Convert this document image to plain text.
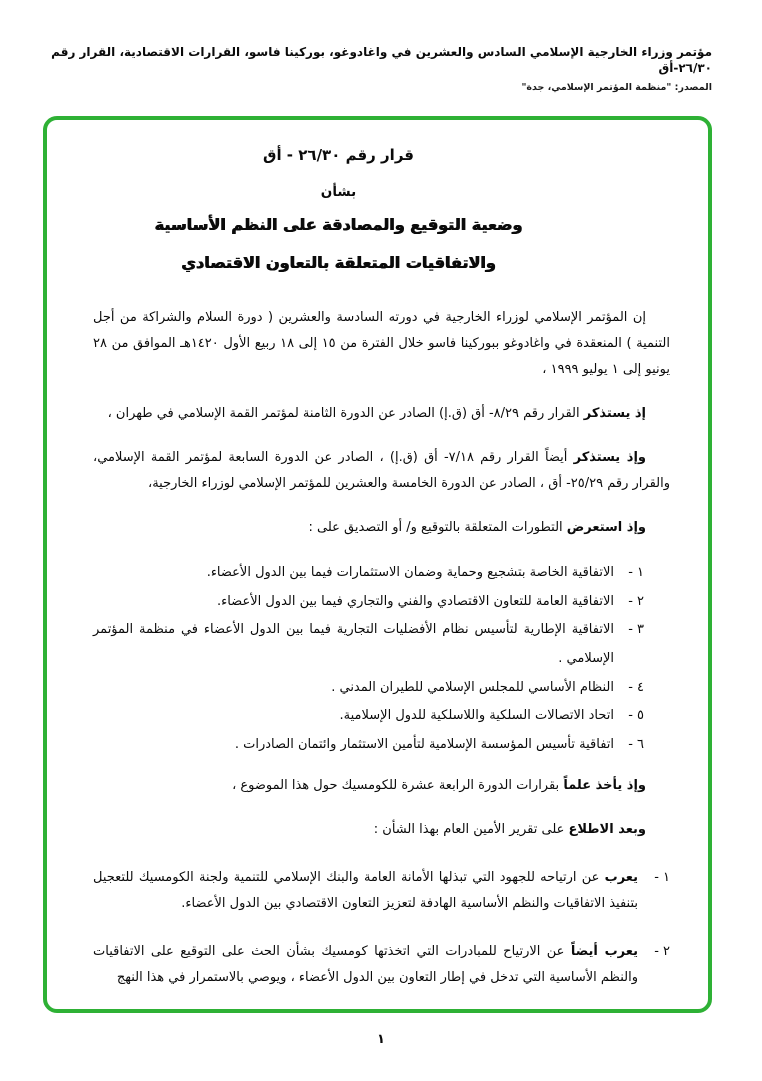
مؤتمر وزراء الخارجية الإسلامي السادس والعشرين في واغادوغو، بوركينا فاسو، القرارات الاقتصادية، القرار رقم ٢٦/٣٠-أق
المصدر: "منظمة المؤتمر الإسلامي، جدة"
قرار رقم ٢٦/٣٠ - أق
بشأن
وضعية التوقيع والمصادقة على النظم الأساسية
والاتفاقيات المتعلقة بالتعاون الاقتصادي

إن المؤتمر الإسلامي لوزراء الخارجية في دورته السادسة والعشرين ( دورة السلام والشراكة من أجل التنمية ) المنعقدة في واغادوغو ببوركينا فاسو خلال الفترة من ١٥ إلى ١٨ ربيع الأول ١٤٢٠هـ الموافق من ٢٨ يونيو إلى ١ يوليو ١٩٩٩ ،

إذ يستذكر القرار رقم ٨/٢٩- أق (ق.إ) الصادر عن الدورة الثامنة لمؤتمر القمة الإسلامي في طهران ،

وإذ يستذكر أيضاً القرار رقم ٧/١٨- أق (ق.إ) ، الصادر عن الدورة السابعة لمؤتمر القمة الإسلامي، والقرار رقم ٢٥/٢٩- أق ، الصادر عن الدورة الخامسة والعشرين للمؤتمر الإسلامي لوزراء الخارجية،

وإذ استعرض التطورات المتعلقة بالتوقيع و/ أو التصديق على :

١ -
الاتفاقية الخاصة بتشجيع وحماية وضمان الاستثمارات فيما بين الدول الأعضاء.
٢ -
الاتفاقية العامة للتعاون الاقتصادي والفني والتجاري فيما بين الدول الأعضاء.
٣ -
الاتفاقية الإطارية لتأسيس نظام الأفضليات التجارية فيما بين الدول الأعضاء في منظمة المؤتمر الإسلامي .
٤ -
النظام الأساسي للمجلس الإسلامي للطيران المدني .
٥ -
اتحاد الاتصالات السلكية واللاسلكية للدول الإسلامية.
٦ -
اتفاقية تأسيس المؤسسة الإسلامية لتأمين الاستثمار وائتمان الصادرات .

وإذ يأخذ علماً بقرارات الدورة الرابعة عشرة للكومسيك حول هذا الموضوع ،

وبعد الاطلاع على تقرير الأمين العام بهذا الشأن :

١ -
يعرب عن ارتياحه للجهود التي تبذلها الأمانة العامة والبنك الإسلامي للتنمية ولجنة الكومسيك للتعجيل بتنفيذ الاتفاقيات والنظم الأساسية الهادفة لتعزيز التعاون الاقتصادي بين الدول الأعضاء.
٢ -
يعرب أيضاً عن الارتياح للمبادرات التي اتخذتها كومسيك بشأن الحث على التوقيع على الاتفاقيات والنظم الأساسية التي تدخل في إطار التعاون بين الدول الأعضاء ، ويوصي بالاستمرار في هذا النهج
١
